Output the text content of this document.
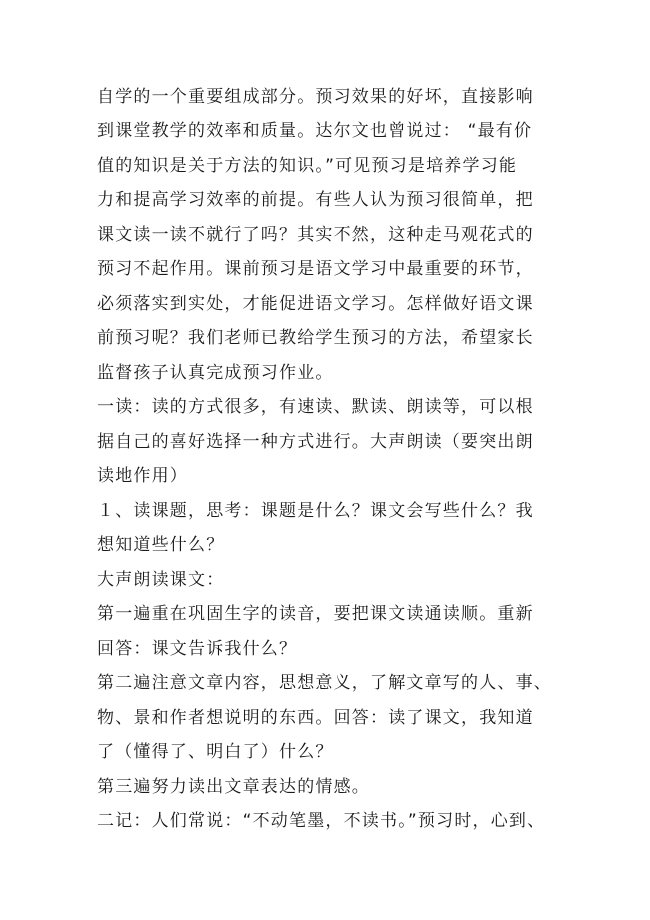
自学的一个重要组成部分。预习效果的好坏，直接影响

到课堂教学的效率和质量。达尔文也曾说过： “最有价

值的知识是关于方法的知识。”可见预习是培养学习能

力和提高学习效率的前提。有些人认为预习很简单，把

课文读一读不就行了吗？其实不然，这种走马观花式的

预习不起作用。课前预习是语文学习中最重要的环节，

必须落实到实处，才能促进语文学习。怎样做好语文课

前预习呢？我们老师已教给学生预习的方法，希望家长

监督孩子认真完成预习作业。

一读：读的方式很多，有速读、默读、朗读等，可以根

据自己的喜好选择一种方式进行。大声朗读（要突出朗

读地作用）

１、读课题，思考：课题是什么？课文会写些什么？我

想知道些什么？

大声朗读课文：

第一遍重在巩固生字的读音，要把课文读通读顺。重新

回答：课文告诉我什么？

第二遍注意文章内容，思想意义，了解文章写的人、事、

物、景和作者想说明的东西。回答：读了课文，我知道

了（懂得了、明白了）什么？

第三遍努力读出文章表达的情感。

二记：人们常说：“不动笔墨，不读书。”预习时，心到、
